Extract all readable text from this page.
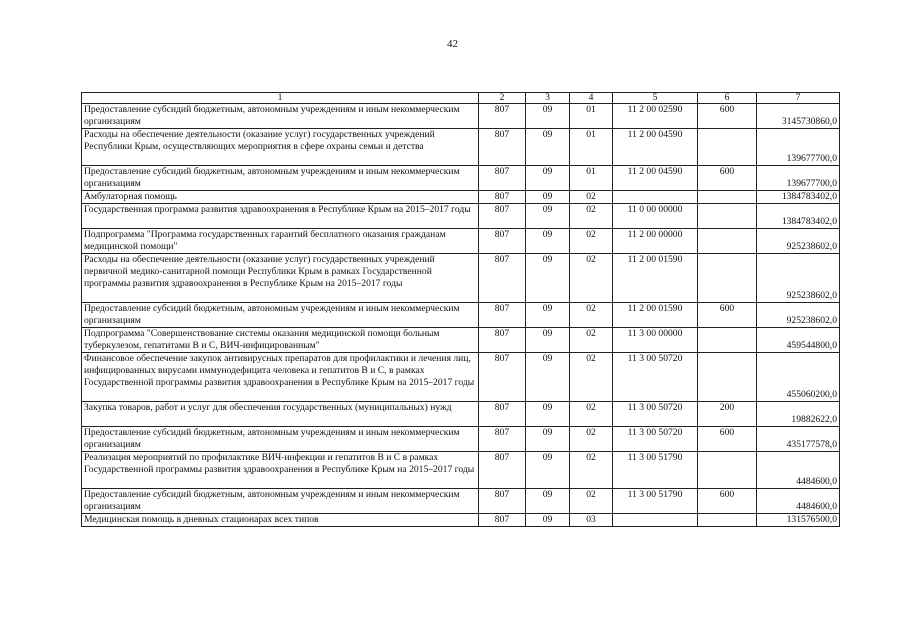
42
1	2	3	4	5	6	7
Предоставление субсидий бюджетным, автономным учреждениям и иным некоммерческим организациям	807	09	01	11 2 00 02590	600	3145730860,0
Расходы на обеспечение деятельности (оказание услуг) государственных учреждений Республики Крым, осуществляющих мероприятия в сфере охраны семьи и детства	807	09	01	11 2 00 04590		139677700,0
Предоставление субсидий бюджетным, автономным учреждениям и иным некоммерческим организациям	807	09	01	11 2 00 04590	600	139677700,0
Амбулаторная помощь	807	09	02			1384783402,0
Государственная программа развития здравоохранения в Республике Крым на 2015–2017 годы	807	09	02	11 0 00 00000		1384783402,0
Подпрограмма "Программа государственных гарантий бесплатного оказания гражданам медицинской помощи"	807	09	02	11 2 00 00000		925238602,0
Расходы на обеспечение деятельности (оказание услуг) государственных учреждений первичной медико-санитарной помощи Республики Крым в рамках Государственной программы развития здравоохранения в Республике Крым на 2015–2017 годы	807	09	02	11 2 00 01590		925238602,0
Предоставление субсидий бюджетным, автономным учреждениям и иным некоммерческим организациям	807	09	02	11 2 00 01590	600	925238602,0
Подпрограмма "Совершенствование системы оказания медицинской помощи больным туберкулезом, гепатитами В и С, ВИЧ-инфицированным"	807	09	02	11 3 00 00000		459544800,0
Финансовое обеспечение закупок антивирусных препаратов для профилактики и лечения лиц, инфицированных вирусами иммунодефицита человека и гепатитов В и С, в рамках Государственной программы развития здравоохранения в Республике Крым на 2015–2017 годы	807	09	02	11 3 00 50720		455060200,0
Закупка товаров, работ и услуг для обеспечения государственных (муниципальных) нужд	807	09	02	11 3 00 50720	200	19882622,0
Предоставление субсидий бюджетным, автономным учреждениям и иным некоммерческим организациям	807	09	02	11 3 00 50720	600	435177578,0
Реализация мероприятий по профилактике ВИЧ-инфекции и гепатитов В и С в рамках Государственной программы развития здравоохранения в Республике Крым на 2015–2017 годы	807	09	02	11 3 00 51790		4484600,0
Предоставление субсидий бюджетным, автономным учреждениям и иным некоммерческим организациям	807	09	02	11 3 00 51790	600	4484600,0
Медицинская помощь в дневных стационарах всех типов	807	09	03			131576500,0
